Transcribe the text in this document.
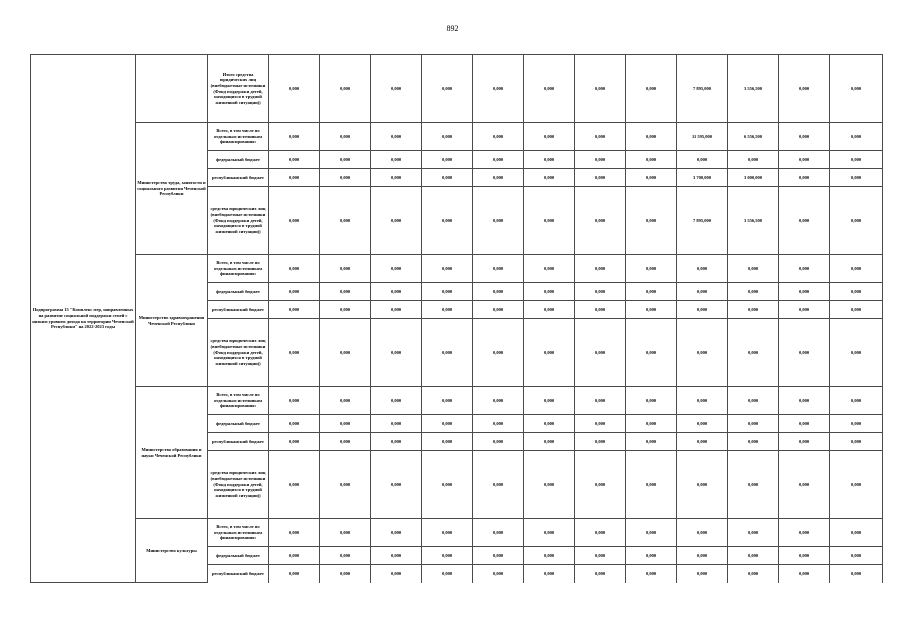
892
Подпрограмма 15 "Комплекс мер, направленных на развитие социальной поддержки семей с низким уровнем дохода на территории Чеченской Республики" на 2022-2023 годы		Итого средства юридических лиц (внебюджетные источники (Фонд поддержки детей, находящихся в трудной жизненной ситуации))	0,000	0,000	0,000	0,000	0,000	0,000	0,000	0,000	7 895,000	3 556,500	0,000	0,000
	Министерство труда, занятости и социального развития Чеченской Республики	Всего, в том числе по отдельным источникам финансирования:	0,000	0,000	0,000	0,000	0,000	0,000	0,000	0,000	11 595,000	6 556,500	0,000	0,000
		федеральный бюджет	0,000	0,000	0,000	0,000	0,000	0,000	0,000	0,000	0,000	0,000	0,000	0,000
		республиканский бюджет	0,000	0,000	0,000	0,000	0,000	0,000	0,000	0,000	3 700,000	3 000,000	0,000	0,000
		средства юридических лиц (внебюджетные источники (Фонд поддержки детей, находящихся в трудной жизненной ситуации))	0,000	0,000	0,000	0,000	0,000	0,000	0,000	0,000	7 895,000	3 556,500	0,000	0,000
	Министерство здравоохранения Чеченской Республики	Всего, в том числе по отдельным источникам финансирования:	0,000	0,000	0,000	0,000	0,000	0,000	0,000	0,000	0,000	0,000	0,000	0,000
		федеральный бюджет	0,000	0,000	0,000	0,000	0,000	0,000	0,000	0,000	0,000	0,000	0,000	0,000
		республиканский бюджет	0,000	0,000	0,000	0,000	0,000	0,000	0,000	0,000	0,000	0,000	0,000	0,000
		средства юридических лиц (внебюджетные источники (Фонд поддержки детей, находящихся в трудной жизненной ситуации))	0,000	0,000	0,000	0,000	0,000	0,000	0,000	0,000	0,000	0,000	0,000	0,000
	Министерство образования и науки Чеченской Республики	Всего, в том числе по отдельным источникам финансирования:	0,000	0,000	0,000	0,000	0,000	0,000	0,000	0,000	0,000	0,000	0,000	0,000
		федеральный бюджет	0,000	0,000	0,000	0,000	0,000	0,000	0,000	0,000	0,000	0,000	0,000	0,000
		республиканский бюджет	0,000	0,000	0,000	0,000	0,000	0,000	0,000	0,000	0,000	0,000	0,000	0,000
		средства юридических лиц (внебюджетные источники (Фонд поддержки детей, находящихся в трудной жизненной ситуации))	0,000	0,000	0,000	0,000	0,000	0,000	0,000	0,000	0,000	0,000	0,000	0,000
	Министерство культуры	Всего, в том числе по отдельным источникам финансирования:	0,000	0,000	0,000	0,000	0,000	0,000	0,000	0,000	0,000	0,000	0,000	0,000
		федеральный бюджет	0,000	0,000	0,000	0,000	0,000	0,000	0,000	0,000	0,000	0,000	0,000	0,000
		республиканский бюджет	0,000	0,000	0,000	0,000	0,000	0,000	0,000	0,000	0,000	0,000	0,000	0,000
